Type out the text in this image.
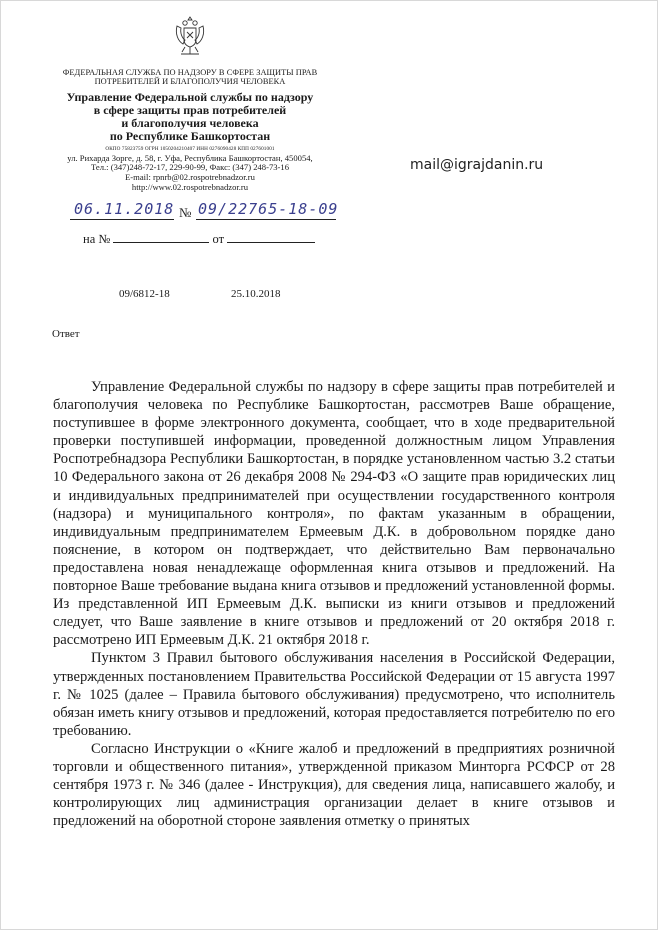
ФЕДЕРАЛЬНАЯ СЛУЖБА ПО НАДЗОРУ В СФЕРЕ ЗАЩИТЫ ПРАВ ПОТРЕБИТЕЛЕЙ И БЛАГОПОЛУЧИЯ ЧЕЛОВЕКА
Управление Федеральной службы по надзору
в сфере защиты прав потребителей
и благополучия человека
по Республике Башкортостан
ОКПО 75823759 ОГРН 1050204210407 ИНН 0276090428 КПП 027601001
ул. Рихарда Зорге, д. 58, г. Уфа, Республика Башкортостан, 450054,
Тел.: (347)248-72-17, 229-90-99, Факс: (347) 248-73-16
E-mail: rpnrb@02.rospotrebnadzor.ru
http://www.02.rospotrebnadzor.ru
mail@igrajdanin.ru
06.11.2018 № 09/22765-18-09
на №	от
09/6812-18	25.10.2018
Ответ

Управление Федеральной службы по надзору в сфере защиты прав потребителей и благополучия человека по Республике Башкортостан, рассмотрев Ваше обращение, поступившее в форме электронного документа, сообщает, что в ходе предварительной проверки поступившей информации, проведенной должностным лицом Управления Роспотребнадзора Республики Башкортостан, в порядке установленном частью 3.2 статьи 10 Федерального закона от 26 декабря 2008 № 294-ФЗ «О защите прав юридических лиц и индивидуальных предпринимателей при осуществлении государственного контроля (надзора) и муниципального контроля», по фактам указанным в обращении, индивидуальным предпринимателем Ермеевым Д.К. в добровольном порядке дано пояснение, в котором он подтверждает, что действительно Вам первоначально предоставлена новая ненадлежаще оформленная книга отзывов и предложений. На повторное Ваше требование выдана книга отзывов и предложений установленной формы. Из представленной ИП Ермеевым Д.К. выписки из книги отзывов и предложений следует, что Ваше заявление в книге отзывов и предложений от 20 октября 2018 г. рассмотрено ИП Ермеевым Д.К. 21 октября 2018 г.

Пунктом 3 Правил бытового обслуживания населения в Российской Федерации, утвержденных постановлением Правительства Российской Федерации от 15 августа 1997 г. № 1025 (далее – Правила бытового обслуживания) предусмотрено, что исполнитель обязан иметь книгу отзывов и предложений, которая предоставляется потребителю по его требованию.

Согласно Инструкции о «Книге жалоб и предложений в предприятиях розничной торговли и общественного питания», утвержденной приказом Минторга РСФСР от 28 сентября 1973 г. № 346 (далее - Инструкция), для сведения лица, написавшего жалобу, и контролирующих лиц администрация организации делает в книге отзывов и предложений на оборотной стороне заявления отметку о принятых
